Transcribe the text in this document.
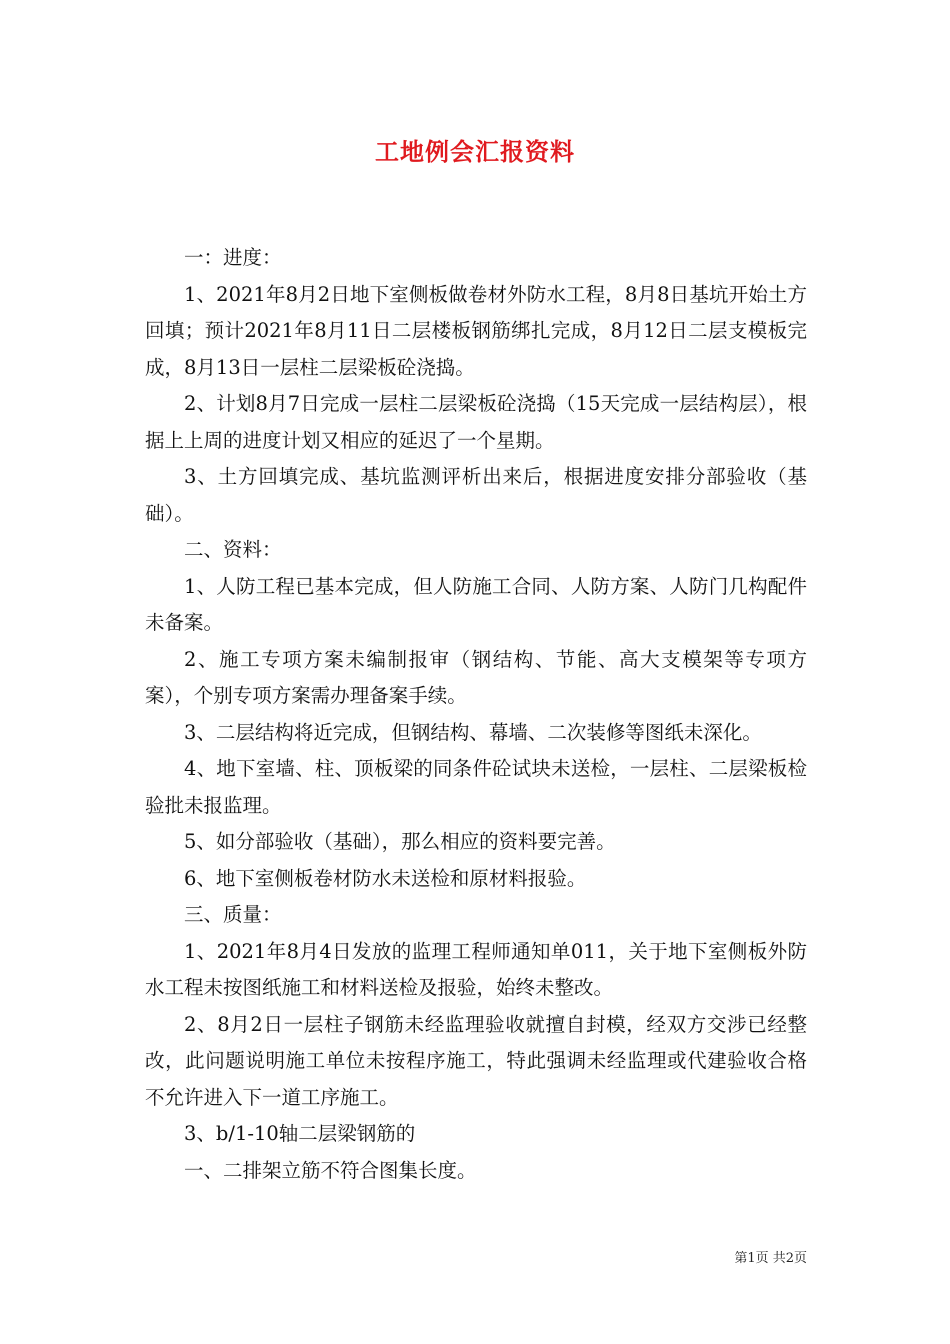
工地例会汇报资料

一：进度：

1、2021年8月2日地下室侧板做卷材外防水工程，8月8日基坑开始土方回填；预计2021年8月11日二层楼板钢筋绑扎完成，8月12日二层支模板完成，8月13日一层柱二层梁板砼浇捣。

2、计划8月7日完成一层柱二层梁板砼浇捣（15天完成一层结构层），根据上上周的进度计划又相应的延迟了一个星期。

3、土方回填完成、基坑监测评析出来后，根据进度安排分部验收（基础）。

二、资料：

1、人防工程已基本完成，但人防施工合同、人防方案、人防门几构配件未备案。

2、施工专项方案未编制报审（钢结构、节能、高大支模架等专项方案），个别专项方案需办理备案手续。

3、二层结构将近完成，但钢结构、幕墙、二次装修等图纸未深化。

4、地下室墙、柱、顶板梁的同条件砼试块未送检，一层柱、二层梁板检验批未报监理。

5、如分部验收（基础），那么相应的资料要完善。

6、地下室侧板卷材防水未送检和原材料报验。

三、质量：

1、2021年8月4日发放的监理工程师通知单011，关于地下室侧板外防水工程未按图纸施工和材料送检及报验，始终未整改。

2、8月2日一层柱子钢筋未经监理验收就擅自封模，经双方交涉已经整改，此问题说明施工单位未按程序施工，特此强调未经监理或代建验收合格不允许进入下一道工序施工。

3、b/1-10轴二层梁钢筋的

一、二排架立筋不符合图集长度。

第1页 共2页
